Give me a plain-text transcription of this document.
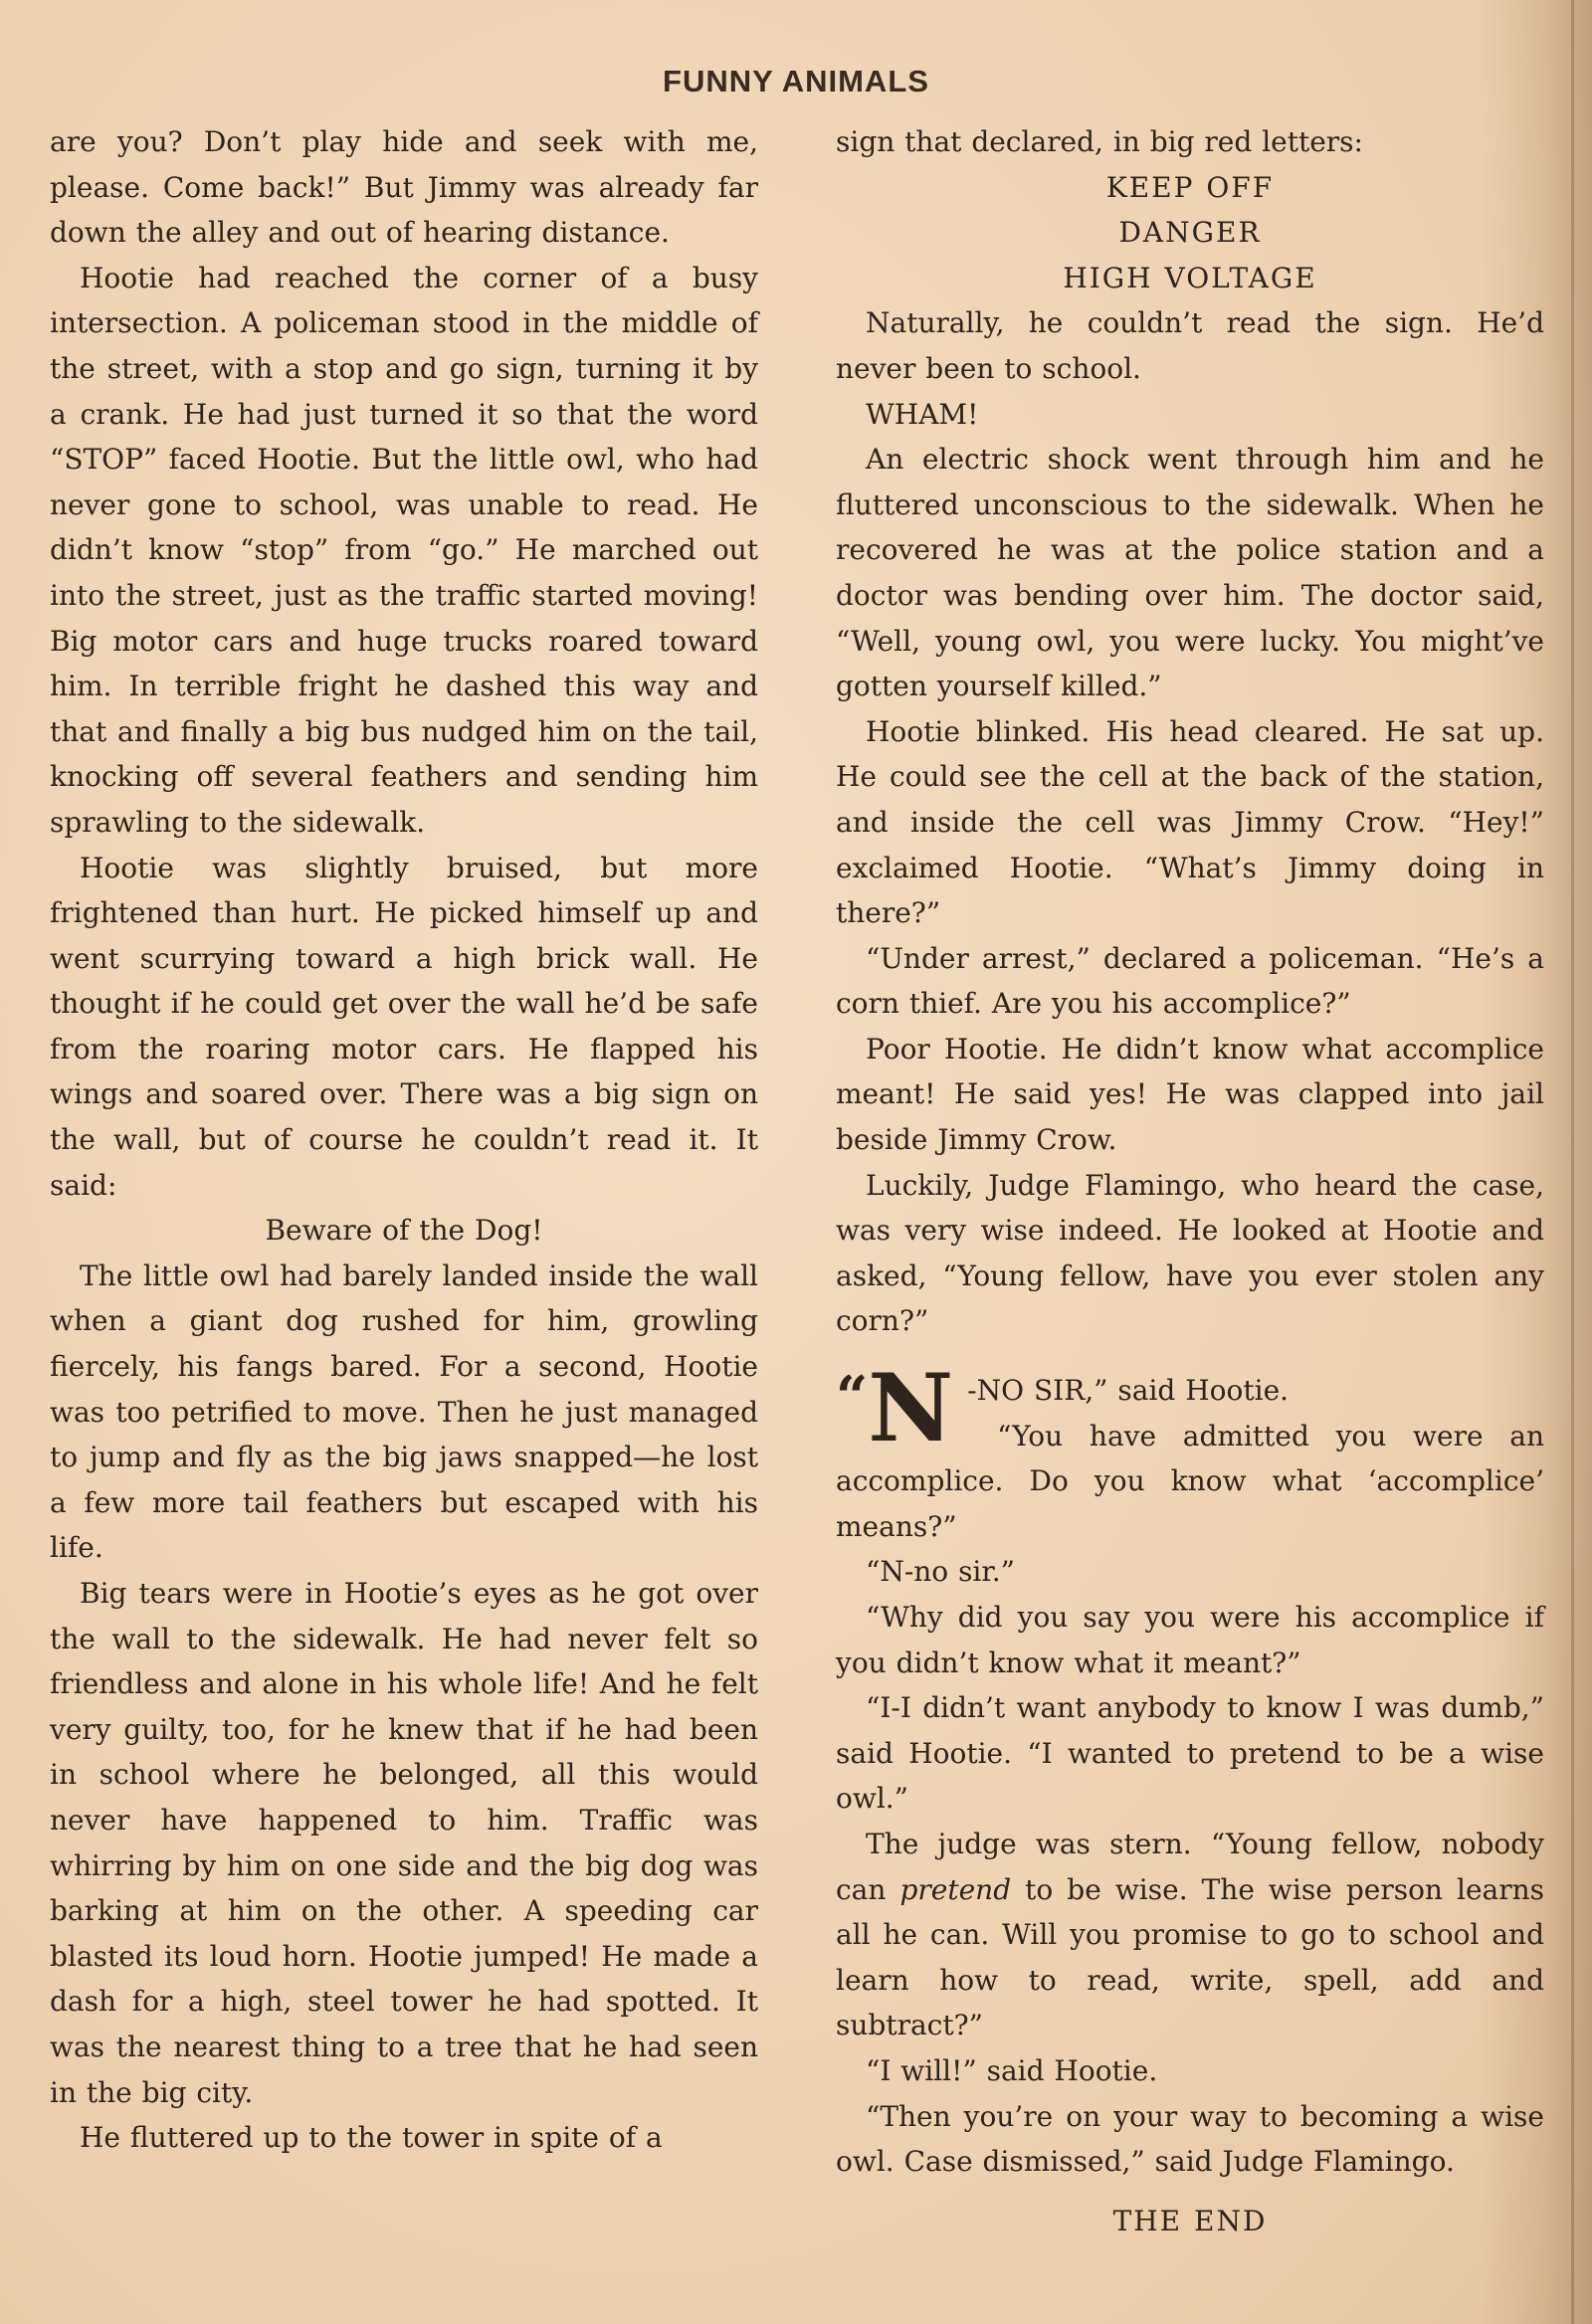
FUNNY ANIMALS

are you? Don’t play hide and seek with me, please. Come back!” But Jimmy was already far down the alley and out of hearing distance.

Hootie had reached the corner of a busy intersection. A policeman stood in the middle of the street, with a stop and go sign, turning it by a crank. He had just turned it so that the word “STOP” faced Hootie. But the little owl, who had never gone to school, was unable to read. He didn’t know “stop” from “go.” He marched out into the street, just as the traffic started moving! Big motor cars and huge trucks roared toward him. In terrible fright he dashed this way and that and finally a big bus nudged him on the tail, knocking off several feathers and sending him sprawling to the sidewalk.

Hootie was slightly bruised, but more frightened than hurt. He picked himself up and went scurrying toward a high brick wall. He thought if he could get over the wall he’d be safe from the roaring motor cars. He flapped his wings and soared over. There was a big sign on the wall, but of course he couldn’t read it. It said:

Beware of the Dog!

The little owl had barely landed inside the wall when a giant dog rushed for him, growling fiercely, his fangs bared. For a second, Hootie was too petrified to move. Then he just managed to jump and fly as the big jaws snapped—he lost a few more tail feathers but escaped with his life.

Big tears were in Hootie’s eyes as he got over the wall to the sidewalk. He had never felt so friendless and alone in his whole life! And he felt very guilty, too, for he knew that if he had been in school where he belonged, all this would never have happened to him. Traffic was whirring by him on one side and the big dog was barking at him on the other. A speeding car blasted its loud horn. Hootie jumped! He made a dash for a high, steel tower he had spotted. It was the nearest thing to a tree that he had seen in the big city.

He fluttered up to the tower in spite of a

sign that declared, in big red letters:

KEEP OFF

DANGER

HIGH VOLTAGE

Naturally, he couldn’t read the sign. He’d never been to school.

WHAM!

An electric shock went through him and he fluttered unconscious to the sidewalk. When he recovered he was at the police station and a doctor was bending over him. The doctor said, “Well, young owl, you were lucky. You might’ve gotten yourself killed.”

Hootie blinked. His head cleared. He sat up. He could see the cell at the back of the station, and inside the cell was Jimmy Crow. “Hey!” exclaimed Hootie. “What’s Jimmy doing in there?”

“Under arrest,” declared a policeman. “He’s a corn thief. Are you his accomplice?”

Poor Hootie. He didn’t know what accomplice meant! He said yes! He was clapped into jail beside Jimmy Crow.

Luckily, Judge Flamingo, who heard the case, was very wise indeed. He looked at Hootie and asked, “Young fellow, have you ever stolen any corn?”

“ N -NO SIR,” said Hootie.

“You have admitted you were an accomplice. Do you know what ‘accomplice’ means?”

“N-no sir.”

“Why did you say you were his accomplice if you didn’t know what it meant?”

“I-I didn’t want anybody to know I was dumb,” said Hootie. “I wanted to pretend to be a wise owl.”

The judge was stern. “Young fellow, nobody can pretend to be wise. The wise person learns all he can. Will you promise to go to school and learn how to read, write, spell, add and subtract?”

“I will!” said Hootie.

“Then you’re on your way to becoming a wise owl. Case dismissed,” said Judge Flamingo.

THE END
